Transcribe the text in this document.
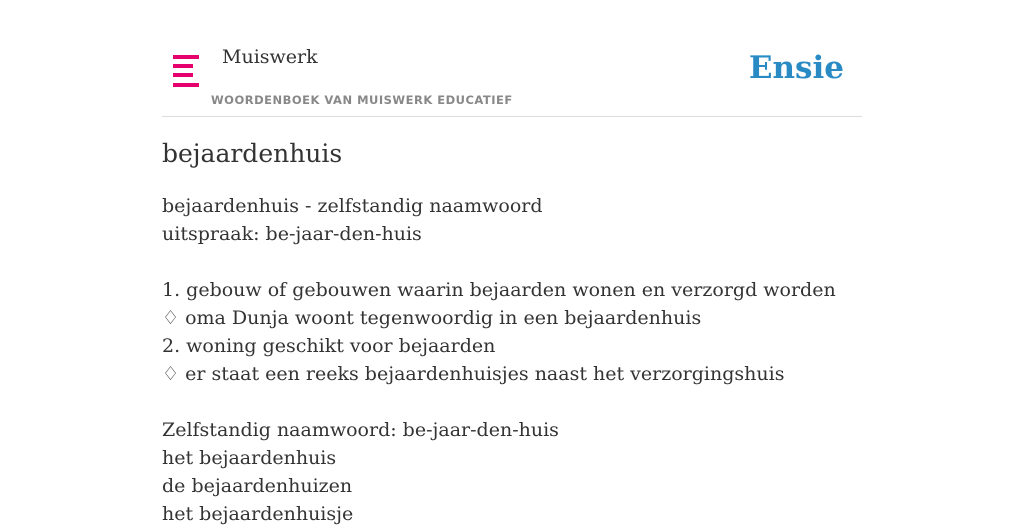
Muiswerk
WOORDENBOEK VAN MUISWERK EDUCATIEF
Ensie
bejaardenhuis
bejaardenhuis - zelfstandig naamwoord
uitspraak: be-jaar-den-huis
1. gebouw of gebouwen waarin bejaarden wonen en verzorgd worden
♢ oma Dunja woont tegenwoordig in een bejaardenhuis
2. woning geschikt voor bejaarden
♢ er staat een reeks bejaardenhuisjes naast het verzorgingshuis
Zelfstandig naamwoord: be-jaar-den-huis
het bejaardenhuis
de bejaardenhuizen
het bejaardenhuisje
